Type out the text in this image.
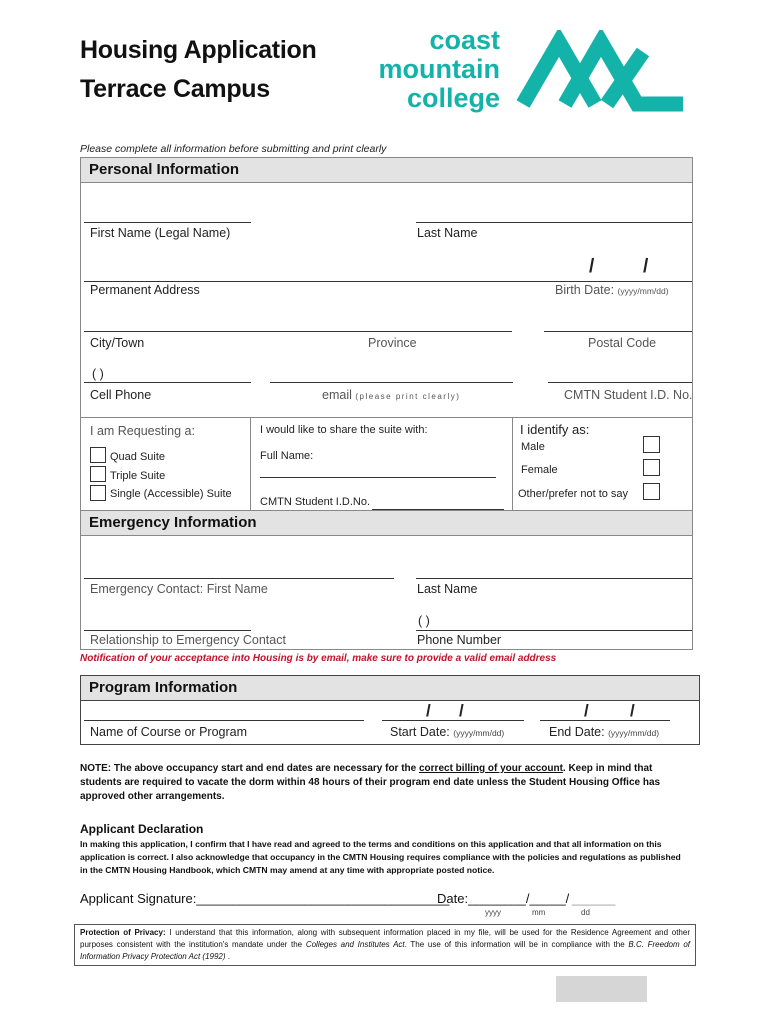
Housing Application
Terrace Campus
coast
mountain
college
Please complete all information before submitting and print clearly
Personal Information
First Name (Legal Name)	Last Name
/	/
Permanent Address	Birth Date: (yyyy/mm/dd)
City/Town	Province	Postal Code
( )
Cell Phone	email (please print clearly)	CMTN Student I.D. No.
I am Requesting a:
Quad Suite
Triple Suite
Single (Accessible) Suite
I would like to share the suite with:
Full Name:
CMTN Student I.D.No.
I identify as:
Male
Female
Other/prefer not to say
Emergency Information
Emergency Contact: First Name	Last Name
( )
Relationship to Emergency Contact	Phone Number
Notification of your acceptance into Housing is by email, make sure to provide a valid email address
Program Information
/ /	/ /
Name of Course or Program	Start Date: (yyyy/mm/dd)	End Date: (yyyy/mm/dd)
NOTE: The above occupancy start and end dates are necessary for the correct billing of your account. Keep in mind that students are required to vacate the dorm within 48 hours of their program end date unless the Student Housing Office has approved other arrangements.
Applicant Declaration
In making this application, I confirm that I have read and agreed to the terms and conditions on this application and that all information on this application is correct. I also acknowledge that occupancy in the CMTN Housing requires compliance with the policies and regulations as published in the CMTN Housing Handbook, which CMTN may amend at any time with appropriate posted notice.
Applicant Signature:___________________________________
Date:________/_____/ ______
yyyy	mm	dd
Protection of Privacy: I understand that this information, along with subsequent information placed in my file, will be used for the Residence Agreement and other purposes consistent with the institution's mandate under the Colleges and Institutes Act. The use of this information will be in compliance with the B.C. Freedom of Information Privacy Protection Act (1992) .
